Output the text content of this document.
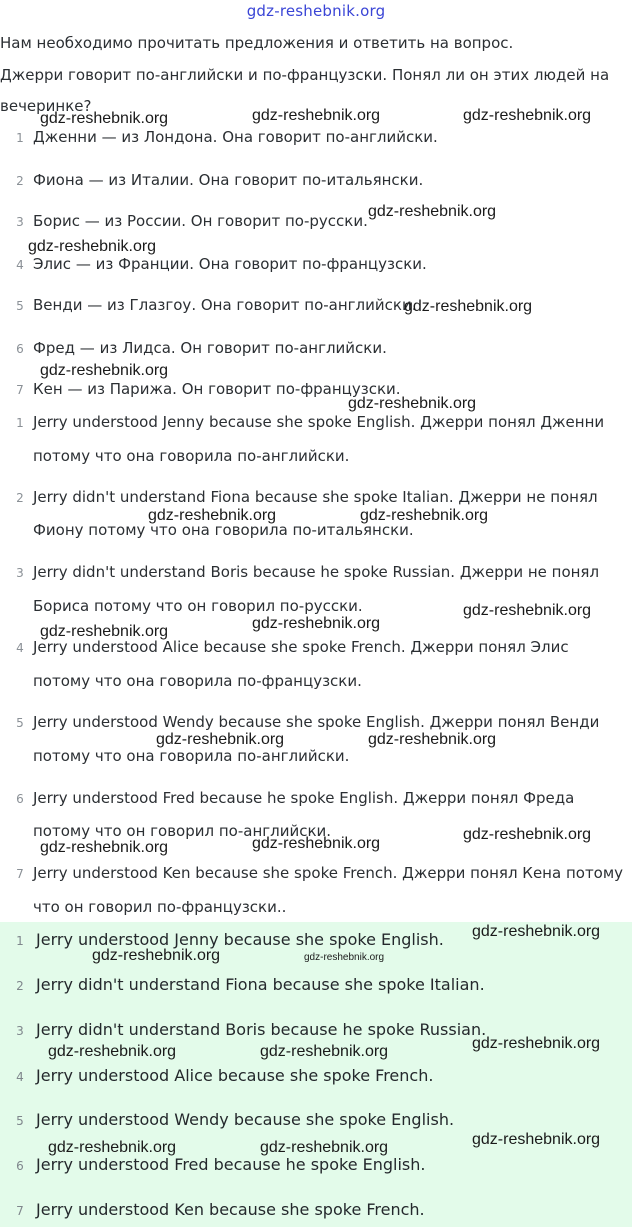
gdz-reshebnik.org
Нам необходимо прочитать предложения и ответить на вопрос.
Джерри говорит по-английски и по-французски. Понял ли он этих людей на
вечеринке?
1 Дженни — из Лондона. Она говорит по-английски.
2 Фиона — из Италии. Она говорит по-итальянски.
3 Борис — из России. Он говорит по-русски.
4 Элис — из Франции. Она говорит по-французски.
5 Венди — из Глазгоу. Она говорит по-английски.
6 Фред — из Лидса. Он говорит по-английски.
7 Кен — из Парижа. Он говорит по-французски.
1 Jerry understood Jenny because she spoke English. Джерри понял Дженни
потому что она говорила по-английски.
2 Jerry didn't understand Fiona because she spoke Italian. Джерри не понял
Фиону потому что она говорила по-итальянски.
3 Jerry didn't understand Boris because he spoke Russian. Джерри не понял
Бориса потому что он говорил по-русски.
4 Jerry understood Alice because she spoke French. Джерри понял Элис
потому что она говорила по-французски.
5 Jerry understood Wendy because she spoke English. Джерри понял Венди
потому что она говорила по-английски.
6 Jerry understood Fred because he spoke English. Джерри понял Фреда
потому что он говорил по-английски.
7 Jerry understood Ken because she spoke French. Джерри понял Кена потому
что он говорил по-французски..
1 Jerry understood Jenny because she spoke English.
2 Jerry didn't understand Fiona because she spoke Italian.
3 Jerry didn't understand Boris because he spoke Russian.
4 Jerry understood Alice because she spoke French.
5 Jerry understood Wendy because she spoke English.
6 Jerry understood Fred because he spoke English.
7 Jerry understood Ken because she spoke French.
gdz-reshebnik.org	gdz-reshebnik.org	gdz-reshebnik.org
gdz-reshebnik.org
gdz-reshebnik.org
gdz-reshebnik.org
gdz-reshebnik.org
gdz-reshebnik.org
gdz-reshebnik.org	gdz-reshebnik.org
gdz-reshebnik.org
gdz-reshebnik.org
gdz-reshebnik.org
gdz-reshebnik.org	gdz-reshebnik.org
gdz-reshebnik.org
gdz-reshebnik.org
gdz-reshebnik.org
gdz-reshebnik.org
gdz-reshebnik.org	gdz-reshebnik.org
gdz-reshebnik.org
gdz-reshebnik.org	gdz-reshebnik.org
gdz-reshebnik.org
gdz-reshebnik.org	gdz-reshebnik.org
